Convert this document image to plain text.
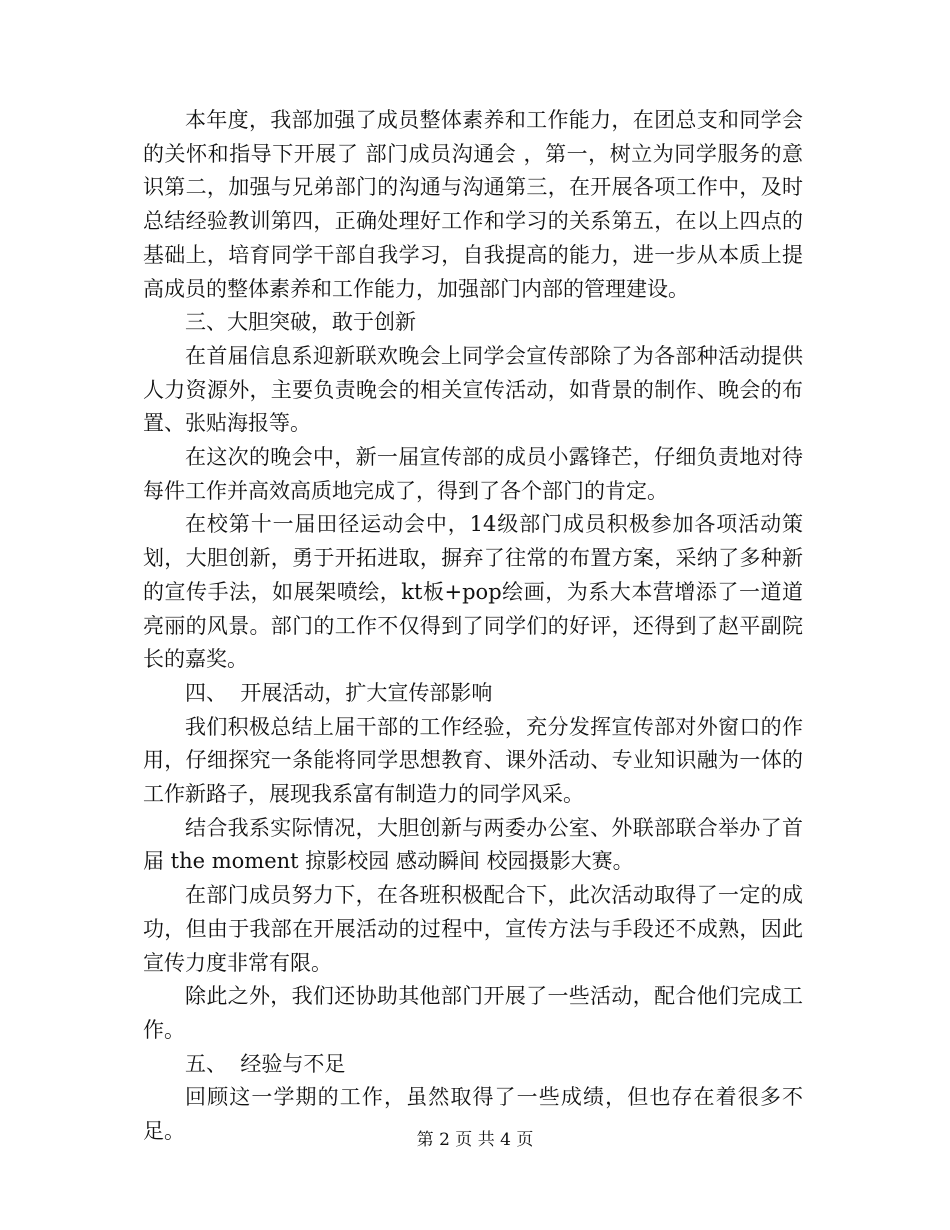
本年度，我部加强了成员整体素养和工作能力，在团总支和同学会的关怀和指导下开展了 部门成员沟通会 ，第一，树立为同学服务的意识第二，加强与兄弟部门的沟通与沟通第三，在开展各项工作中，及时总结经验教训第四，正确处理好工作和学习的关系第五，在以上四点的基础上，培育同学干部自我学习，自我提高的能力，进一步从本质上提高成员的整体素养和工作能力，加强部门内部的管理建设。

三、大胆突破，敢于创新

在首届信息系迎新联欢晚会上同学会宣传部除了为各部种活动提供人力资源外，主要负责晚会的相关宣传活动，如背景的制作、晚会的布置、张贴海报等。

在这次的晚会中，新一届宣传部的成员小露锋芒，仔细负责地对待每件工作并高效高质地完成了，得到了各个部门的肯定。

在校第十一届田径运动会中，14级部门成员积极参加各项活动策划，大胆创新，勇于开拓进取，摒弃了往常的布置方案，采纳了多种新的宣传手法，如展架喷绘，kt板+pop绘画，为系大本营增添了一道道亮丽的风景。部门的工作不仅得到了同学们的好评，还得到了赵平副院长的嘉奖。

四、  开展活动，扩大宣传部影响

我们积极总结上届干部的工作经验，充分发挥宣传部对外窗口的作用，仔细探究一条能将同学思想教育、课外活动、专业知识融为一体的工作新路子，展现我系富有制造力的同学风采。

结合我系实际情况，大胆创新与两委办公室、外联部联合举办了首届 the moment 掠影校园 感动瞬间 校园摄影大赛。

在部门成员努力下，在各班积极配合下，此次活动取得了一定的成功，但由于我部在开展活动的过程中，宣传方法与手段还不成熟，因此宣传力度非常有限。

除此之外，我们还协助其他部门开展了一些活动，配合他们完成工作。

五、  经验与不足

回顾这一学期的工作，虽然取得了一些成绩，但也存在着很多不足。	第 2 页 共 4 页
